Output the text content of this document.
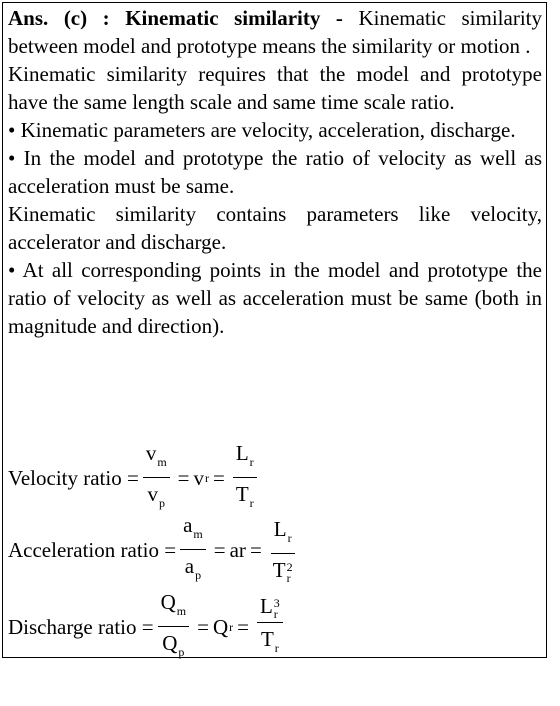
Ans. (c) : Kinematic similarity - Kinematic similarity between model and prototype means the similarity or motion .

Kinematic similarity requires that the model and prototype have the same length scale and same time scale ratio.

• Kinematic parameters are velocity, acceleration, discharge.

• In the model and prototype the ratio of velocity as well as acceleration must be same.

Kinematic similarity contains parameters like velocity, accelerator and discharge.

• At all corresponding points in the model and prototype the ratio of velocity as well as acceleration must be same (both in magnitude and direction).

Velocity ratio = $\frac{v_m}{v_p} = v$ $r = \frac{L_r}{T_r}$
Acceleration ratio = $\frac{a_m}{a_p}$ = ar = $L_r$
T 2
r
Discharge ratio = $\frac{Q_m}{Q_p} = Q$ r = L 3
r
$T_r$
